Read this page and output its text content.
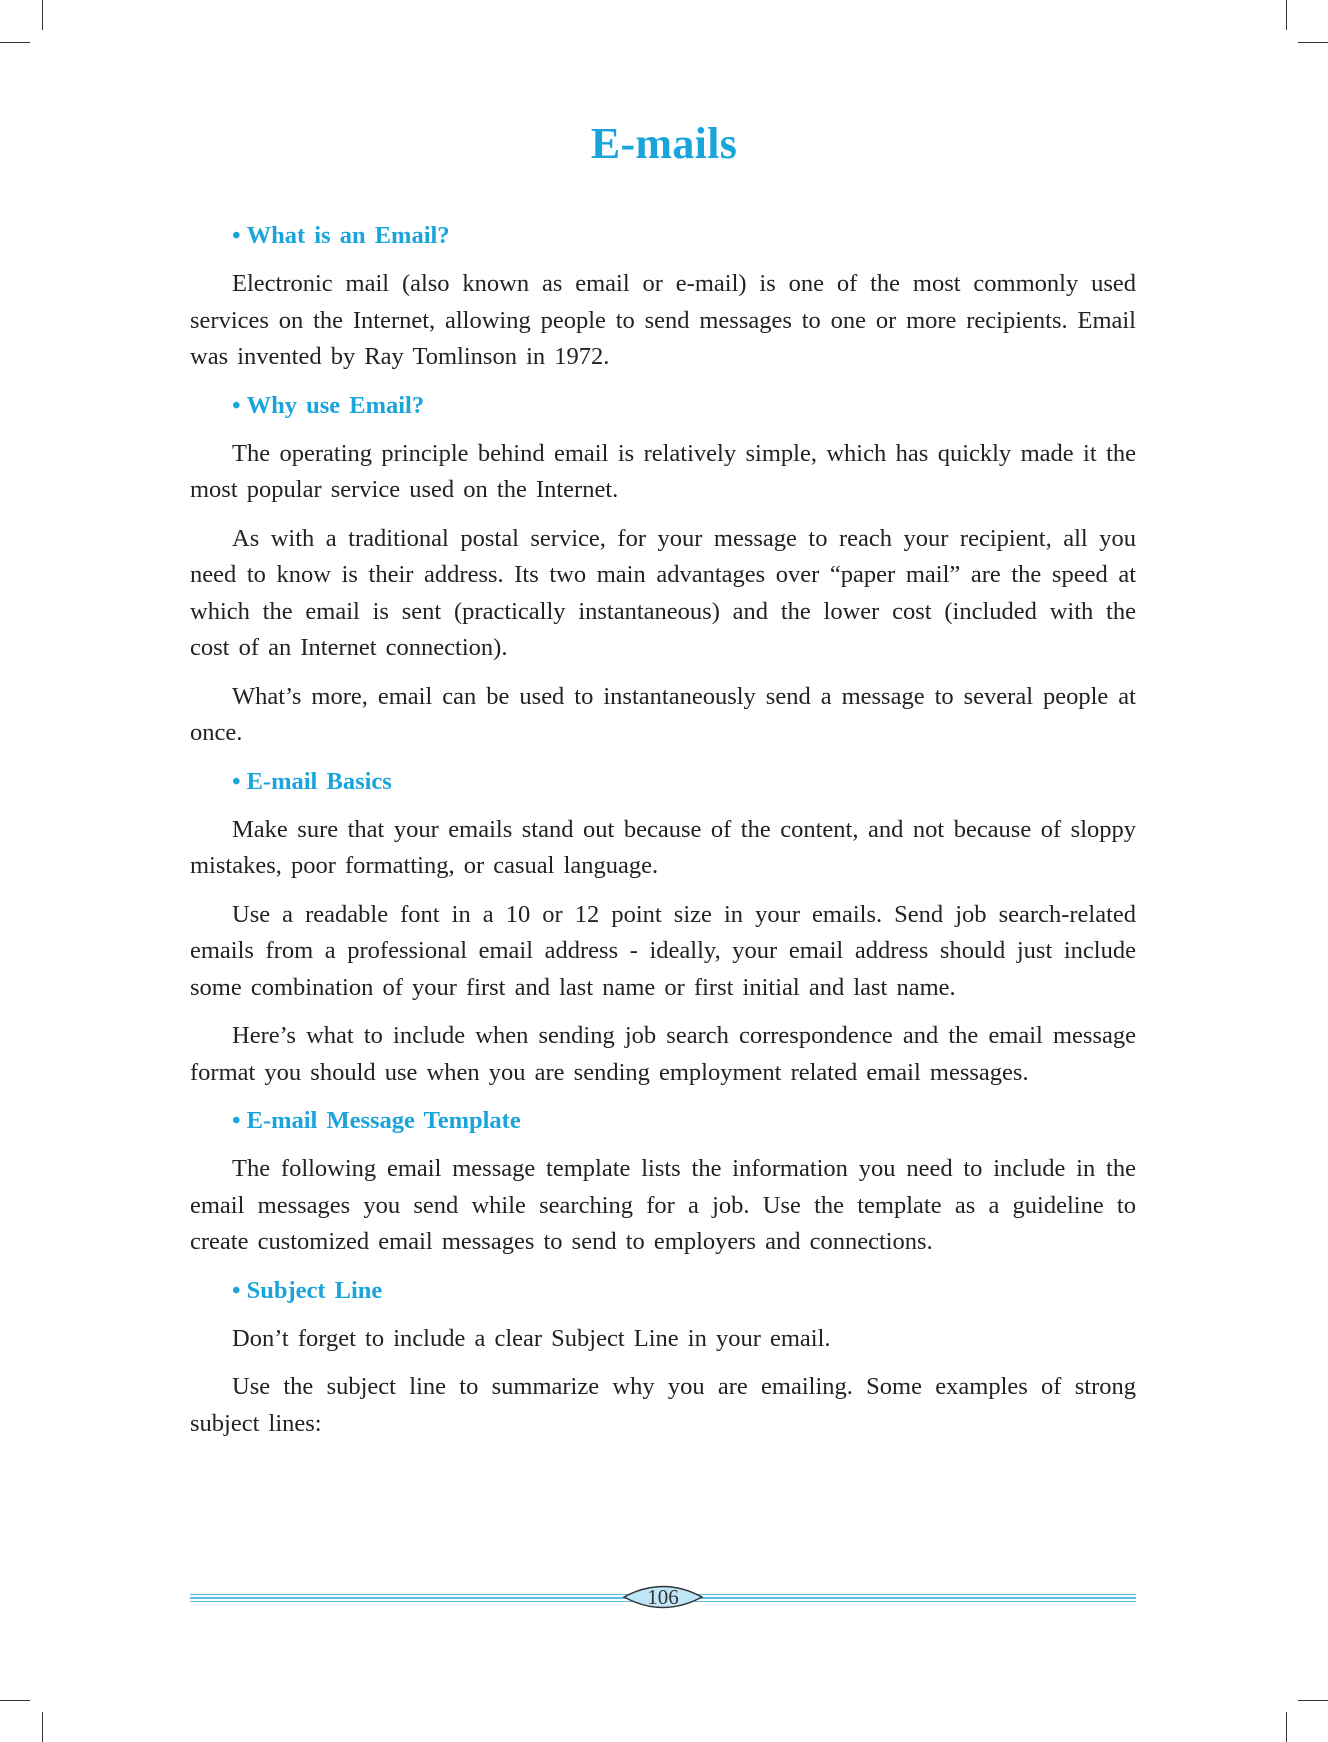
E-mails

• What is an Email?

Electronic mail (also known as email or e-mail) is one of the most commonly used services on the Internet, allowing people to send messages to one or more recipients. Email was invented by Ray Tomlinson in 1972.

• Why use Email?

The operating principle behind email is relatively simple, which has quickly made it the most popular service used on the Internet.

As with a traditional postal service, for your message to reach your recipient, all you need to know is their address. Its two main advantages over “paper mail” are the speed at which the email is sent (practically instantaneous) and the lower cost (included with the cost of an Internet connection).

What’s more, email can be used to instantaneously send a message to several people at once.

• E-mail Basics

Make sure that your emails stand out because of the content, and not because of sloppy mistakes, poor formatting, or casual language.

Use a readable font in a 10 or 12 point size in your emails. Send job search-related emails from a professional email address - ideally, your email address should just include some combination of your first and last name or first initial and last name.

Here’s what to include when sending job search correspondence and the email message format you should use when you are sending employment related email messages.

• E-mail Message Template

The following email message template lists the information you need to include in the email messages you send while searching for a job. Use the template as a guideline to create customized email messages to send to employers and connections.

• Subject Line

Don’t forget to include a clear Subject Line in your email.

Use the subject line to summarize why you are emailing. Some examples of strong subject lines:

106
